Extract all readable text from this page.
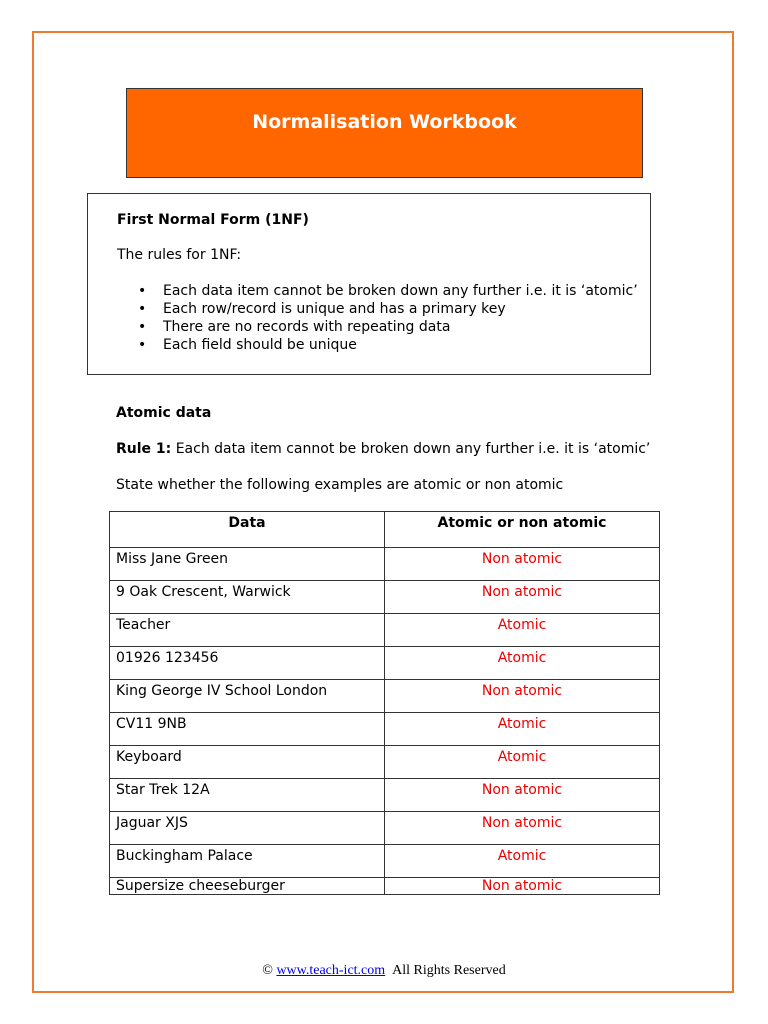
Normalisation Workbook
First Normal Form (1NF)
The rules for 1NF:
• Each data item cannot be broken down any further i.e. it is ‘atomic’
• Each row/record is unique and has a primary key
• There are no records with repeating data
• Each field should be unique
Atomic data
Rule 1: Each data item cannot be broken down any further i.e. it is ‘atomic’
State whether the following examples are atomic or non atomic
Data	Atomic or non atomic
Miss Jane Green	Non atomic
9 Oak Crescent, Warwick	Non atomic
Teacher	Atomic
01926 123456	Atomic
King George IV School London	Non atomic
CV11 9NB	Atomic
Keyboard	Atomic
Star Trek 12A	Non atomic
Jaguar XJS	Non atomic
Buckingham Palace	Atomic
Supersize cheeseburger	Non atomic
© www.teach-ict.com All Rights Reserved
